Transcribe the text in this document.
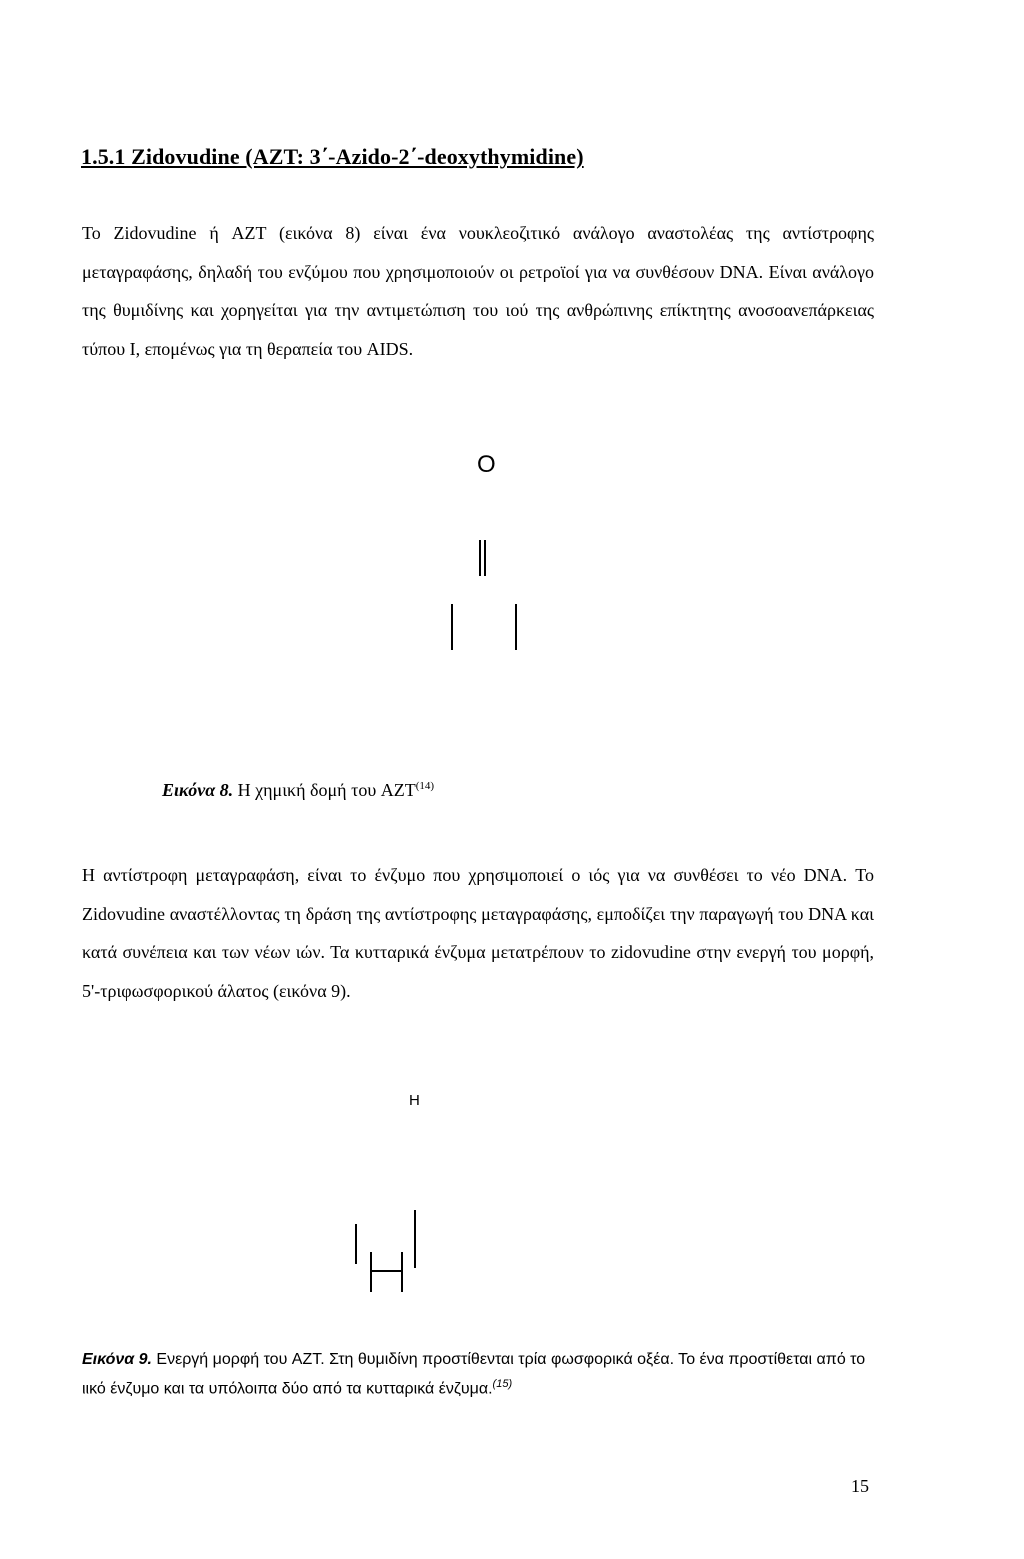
1.5.1 Zidovudine (AZT: 3΄-Azido-2΄-deoxythymidine)

Το Zidovudine ή AZT (εικόνα 8) είναι ένα νουκλεοζιτικό ανάλογο αναστολέας της αντίστροφης μεταγραφάσης, δηλαδή του ενζύμου που χρησιμοποιούν οι ρετροϊοί για να συνθέσουν DNA. Είναι ανάλογο της θυμιδίνης και χορηγείται για την αντιμετώπιση του ιού της ανθρώπινης επίκτητης ανοσοανεπάρκειας τύπου I, επομένως για τη θεραπεία του AIDS.

O
Εικόνα 8. Η χημική δομή του AZT$^{(14)}$

Η αντίστροφη μεταγραφάση, είναι το ένζυμο που χρησιμοποιεί ο ιός για να συνθέσει το νέο DNA. Το Zidovudine αναστέλλοντας τη δράση της αντίστροφης μεταγραφάσης, εμποδίζει την παραγωγή του DNA και κατά συνέπεια και των νέων ιών. Τα κυτταρικά ένζυμα μετατρέπουν το zidovudine στην ενεργή του μορφή, 5'-τριφωσφορικού άλατος (εικόνα 9).

H

Εικόνα 9. Ενεργή μορφή του AZT. Στη θυμιδίνη προστίθενται τρία φωσφορικά οξέα. Το ένα προστίθεται από το ιικό ένζυμο και τα υπόλοιπα δύο από τα κυτταρικά ένζυμα.$^{(15)}$

15
